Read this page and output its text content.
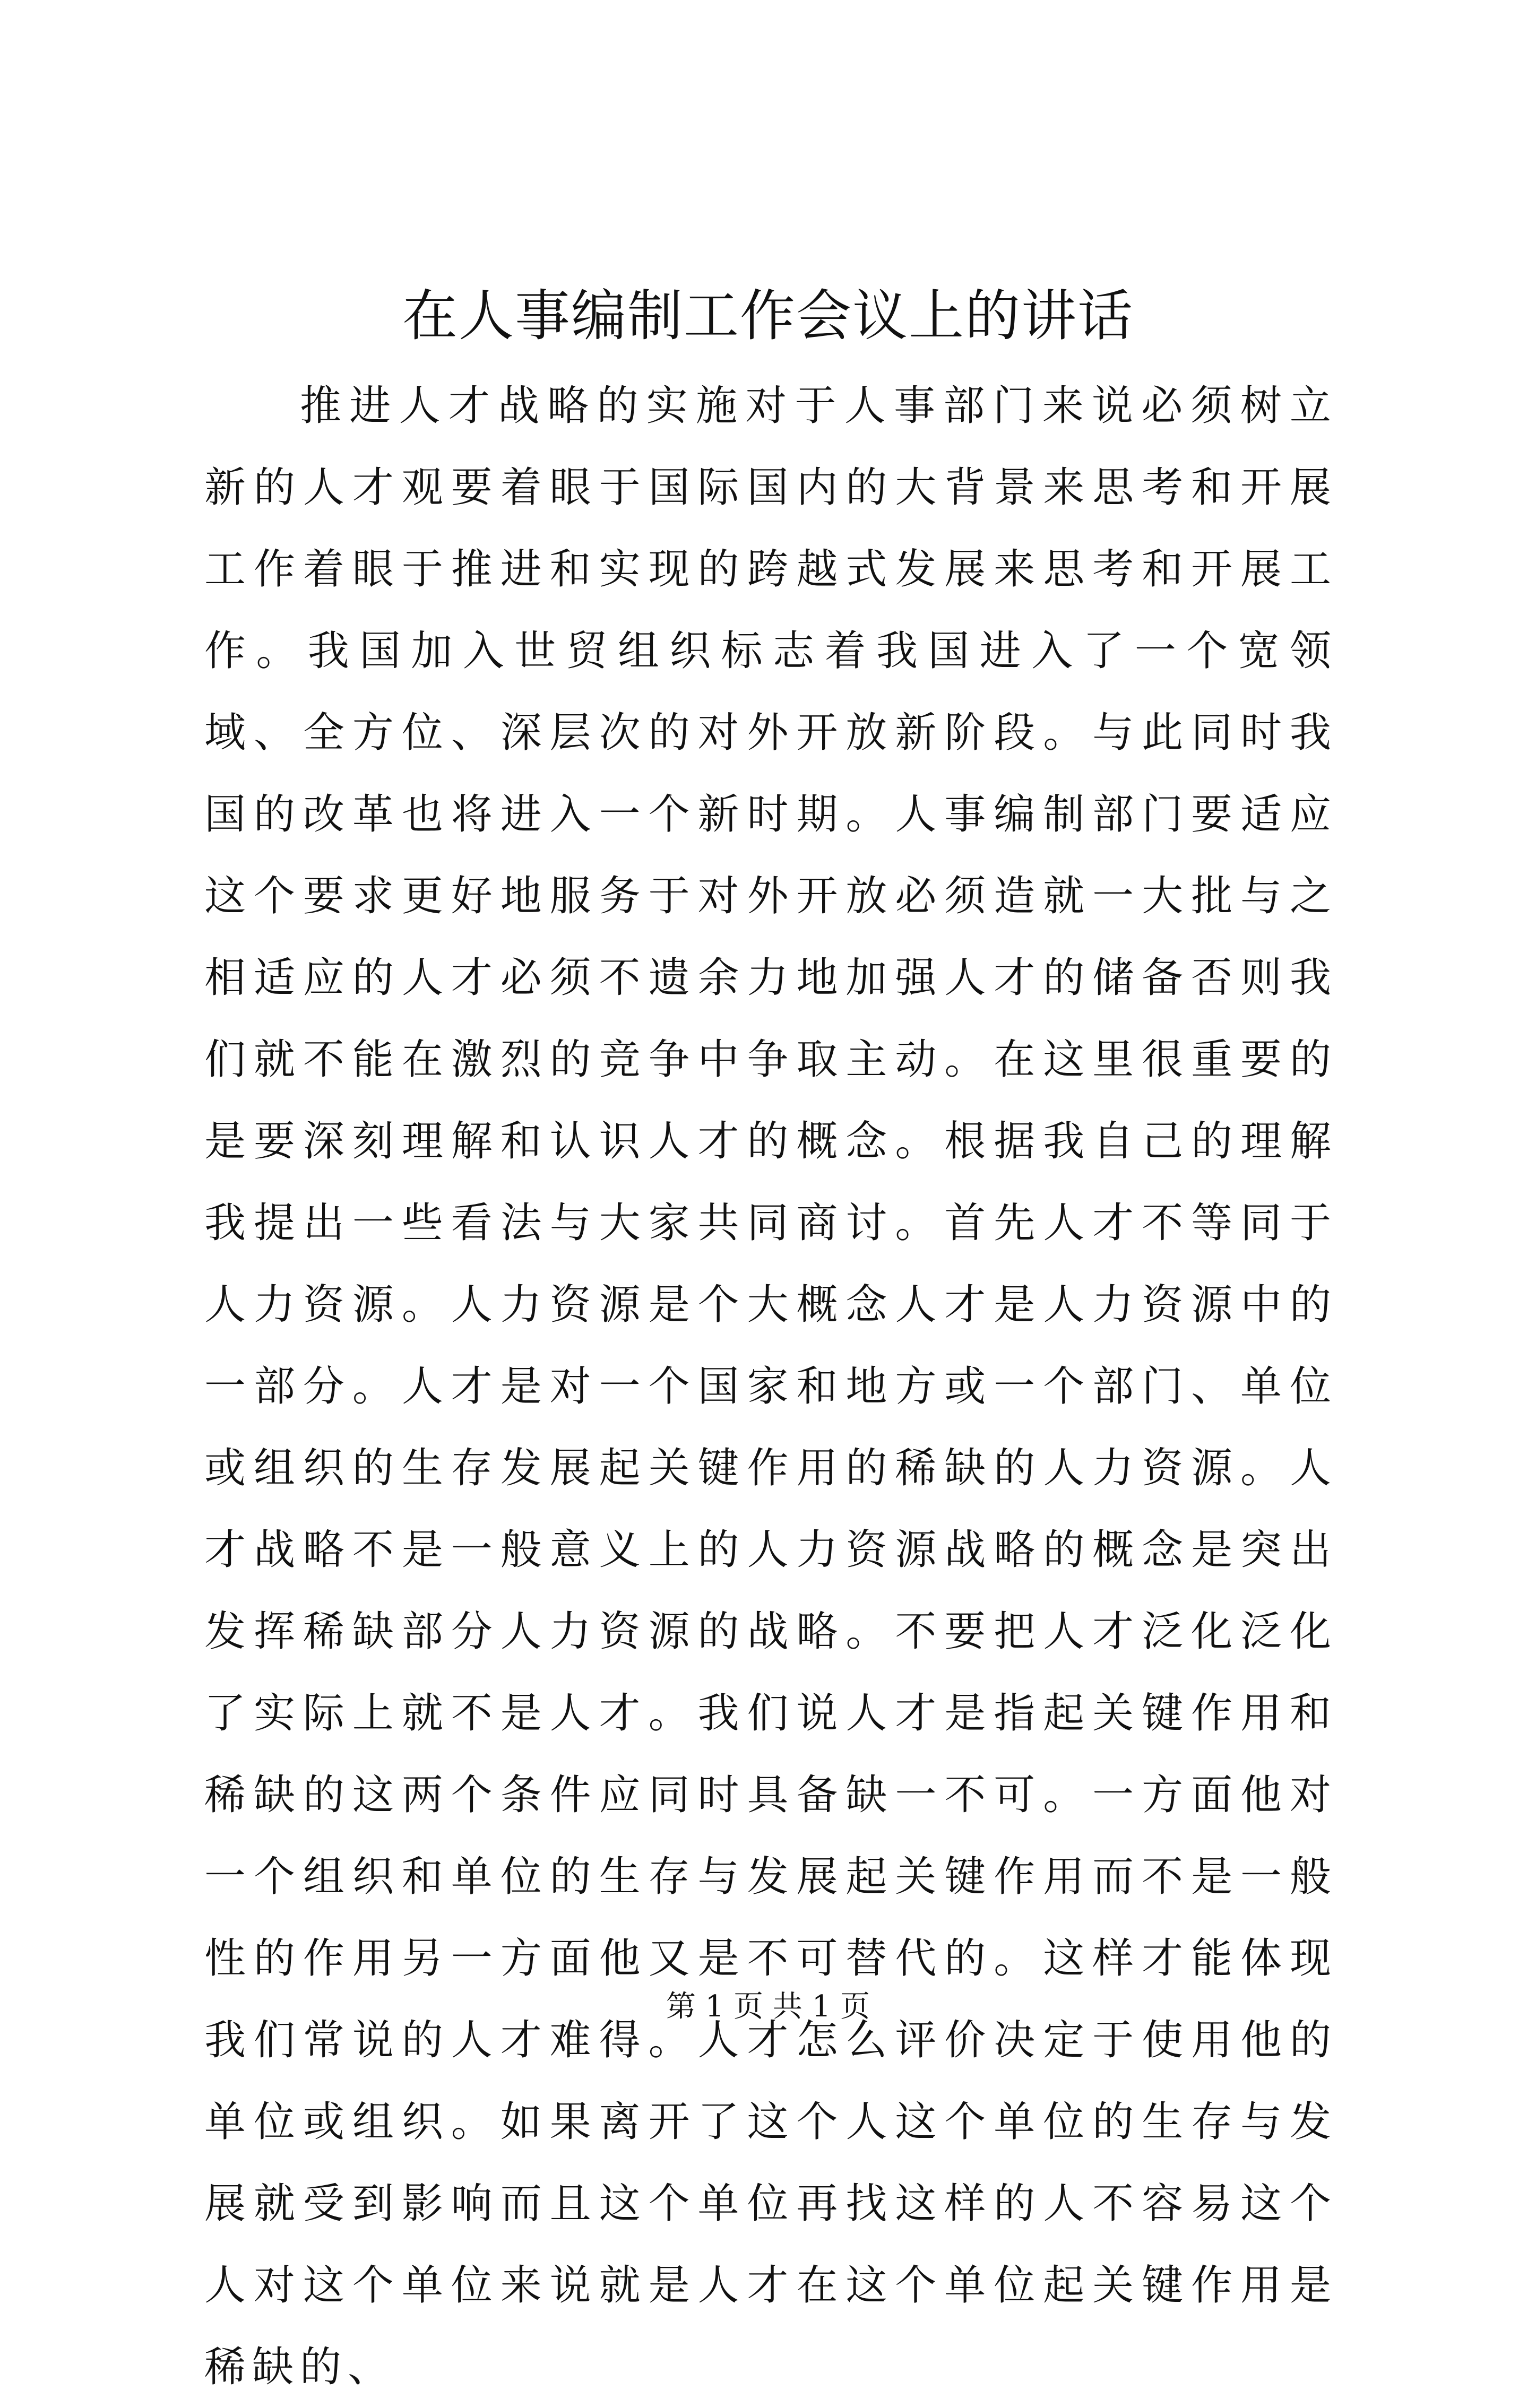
在人事编制工作会议上的讲话

推进人才战略的实施对于人事部门来说必须树立新的人才观要着眼于国际国内的大背景来思考和开展工作着眼于推进和实现的跨越式发展来思考和开展工作。我国加入世贸组织标志着我国进入了一个宽领域、全方位、深层次的对外开放新阶段。与此同时我国的改革也将进入一个新时期。人事编制部门要适应这个要求更好地服务于对外开放必须造就一大批与之相适应的人才必须不遗余力地加强人才的储备否则我们就不能在激烈的竞争中争取主动。在这里很重要的是要深刻理解和认识人才的概念。根据我自己的理解我提出一些看法与大家共同商讨。首先人才不等同于人力资源。人力资源是个大概念人才是人力资源中的一部分。人才是对一个国家和地方或一个部门、单位或组织的生存发展起关键作用的稀缺的人力资源。人才战略不是一般意义上的人力资源战略的概念是突出发挥稀缺部分人力资源的战略。不要把人才泛化泛化了实际上就不是人才。我们说人才是指起关键作用和稀缺的这两个条件应同时具备缺一不可。一方面他对一个组织和单位的生存与发展起关键作用而不是一般性的作用另一方面他又是不可替代的。这样才能体现我们常说的人才难得。人才怎么评价决定于使用他的单位或组织。如果离开了这个人这个单位的生存与发展就受到影响而且这个单位再找这样的人不容易这个人对这个单位来说就是人才在这个单位起关键作用是稀缺的、

第 1 页 共 1 页
